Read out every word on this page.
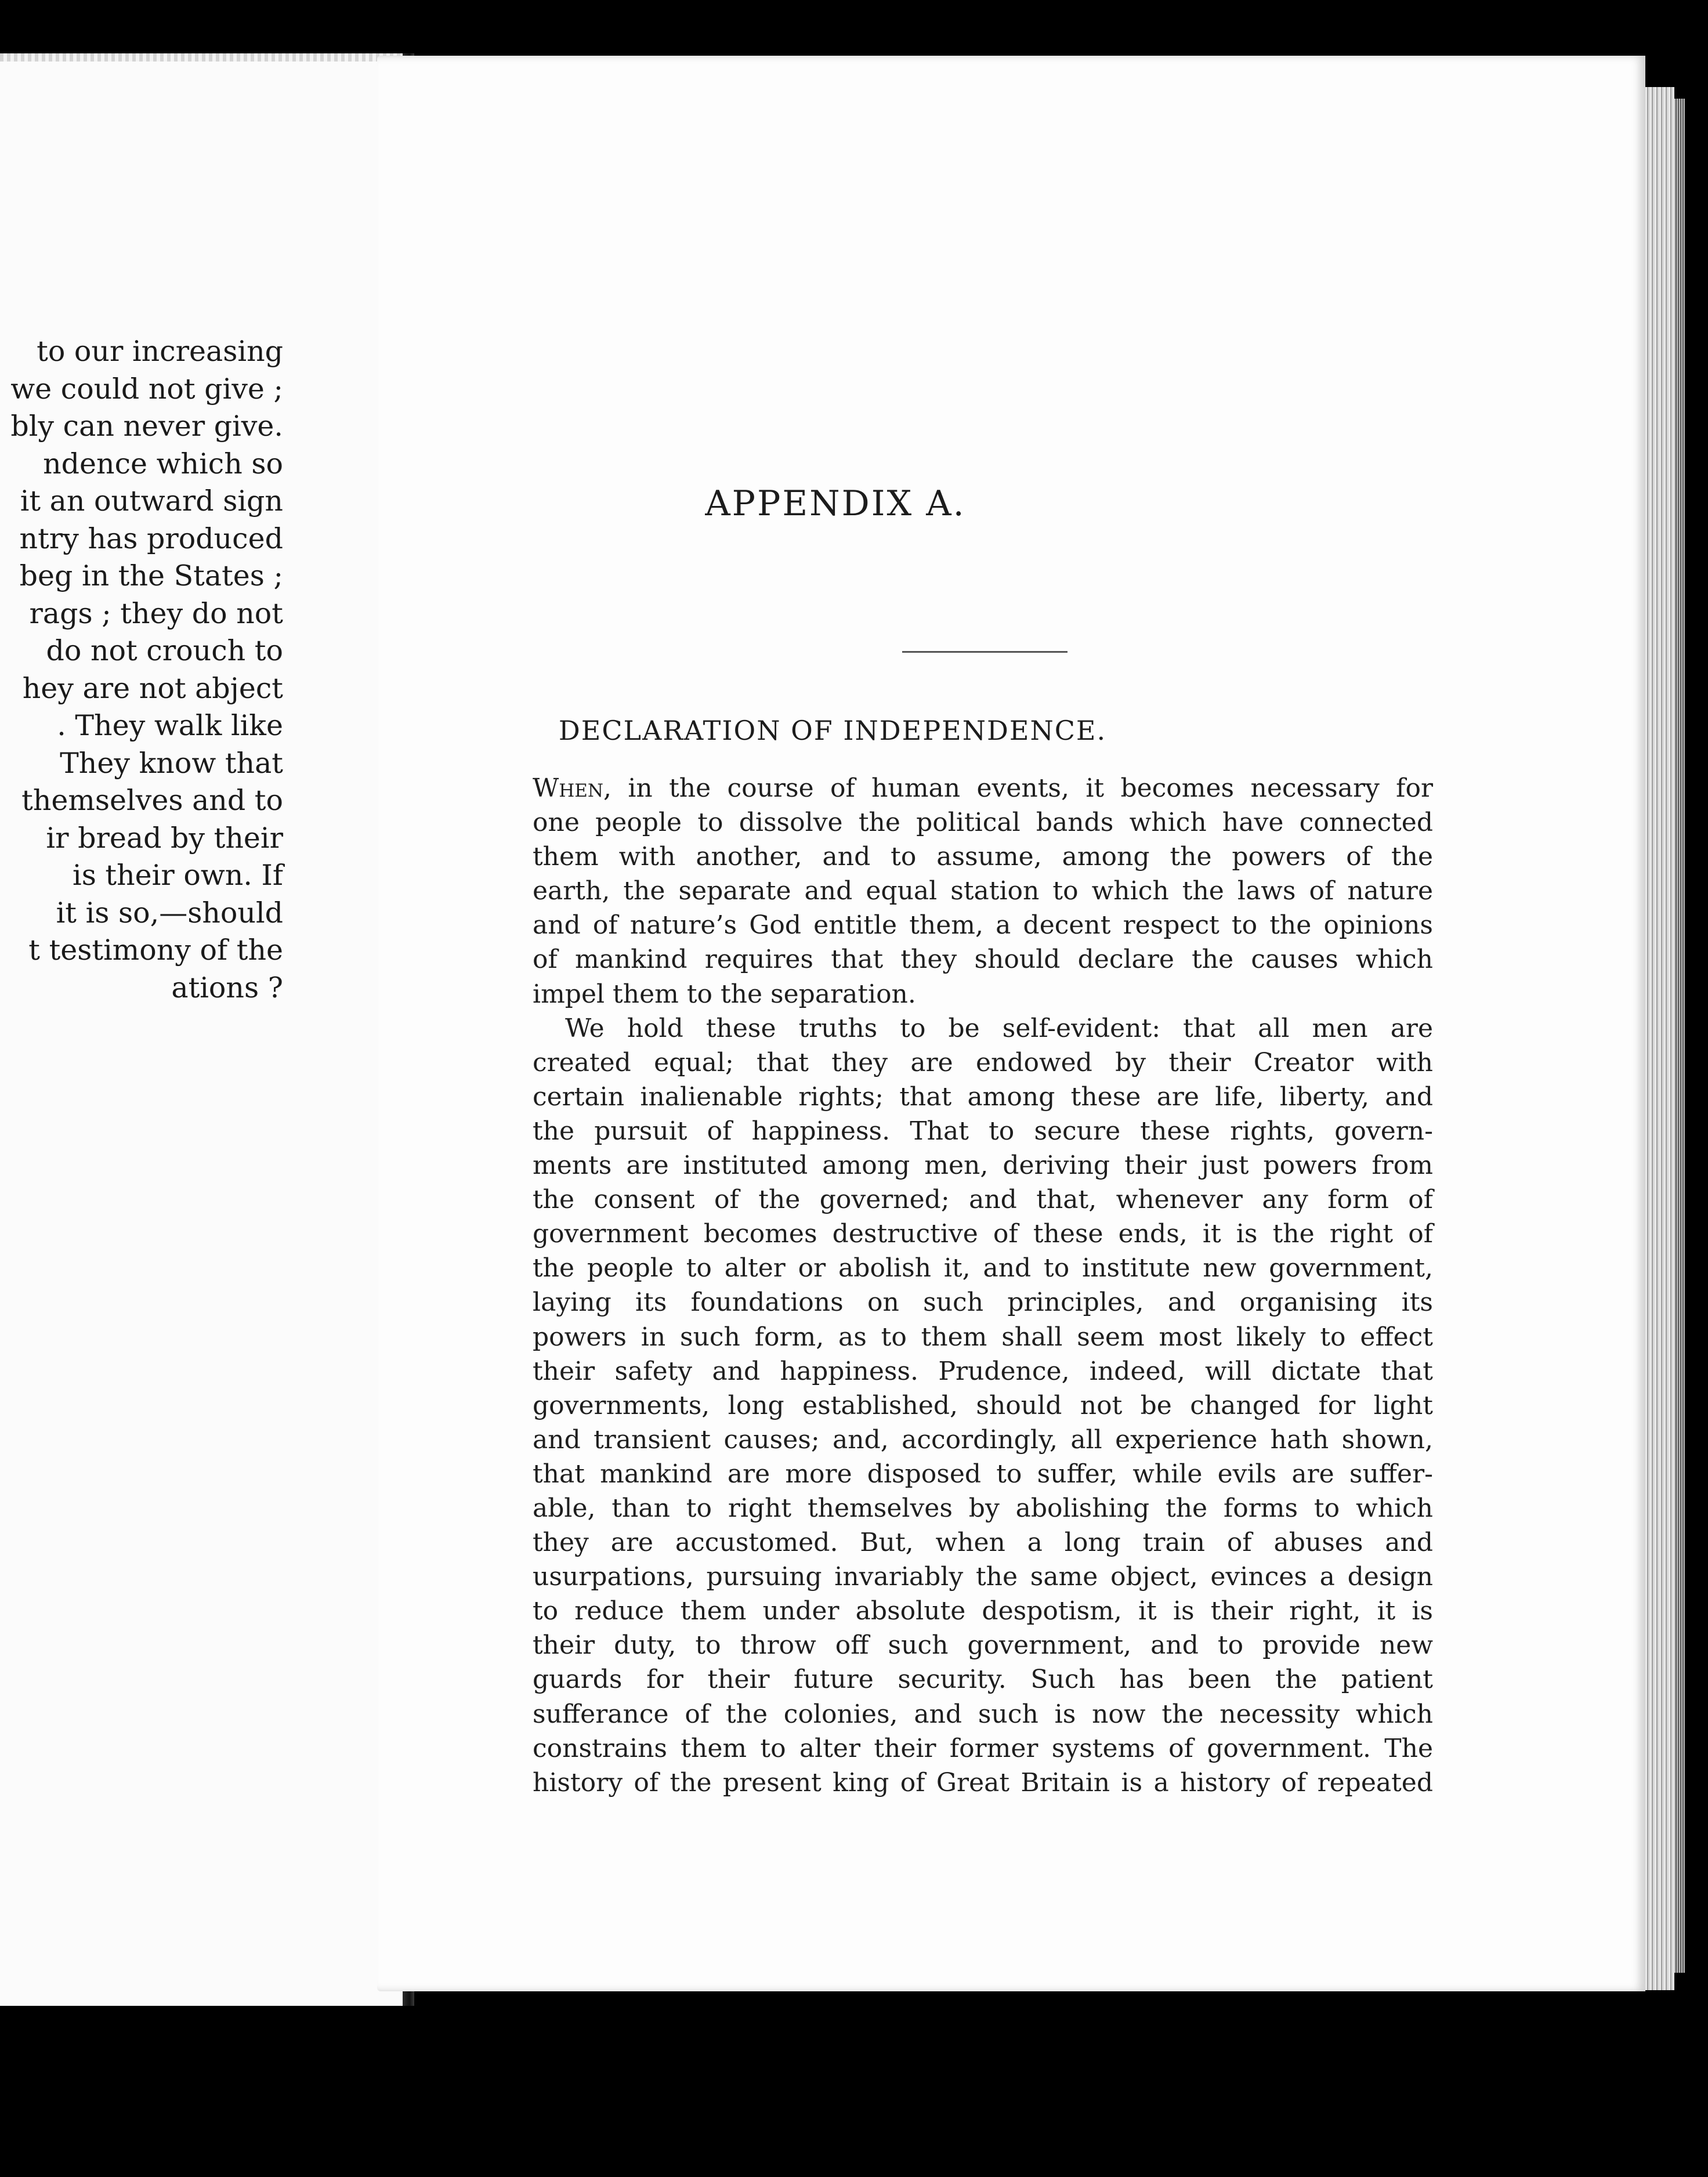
to our increasing
we could not give ;
bly can never give.
ndence which so
it an outward sign
ntry has produced
beg in the States ;
rags ; they do not
do not crouch to
hey are not abject
. They walk like
They know that
themselves and to
ir bread by their
is their own. If
it is so,—should
t testimony of the
ations ?
APPENDIX A.
DECLARATION OF INDEPENDENCE.
When, in the course of human events, it becomes necessary for
one people to dissolve the political bands which have connected
them with another, and to assume, among the powers of the
earth, the separate and equal station to which the laws of nature
and of nature’s God entitle them, a decent respect to the opinions
of mankind requires that they should declare the causes which
impel them to the separation.
We hold these truths to be self-evident: that all men are
created equal; that they are endowed by their Creator with
certain inalienable rights; that among these are life, liberty, and
the pursuit of happiness. That to secure these rights, govern-
ments are instituted among men, deriving their just powers from
the consent of the governed; and that, whenever any form of
government becomes destructive of these ends, it is the right of
the people to alter or abolish it, and to institute new government,
laying its foundations on such principles, and organising its
powers in such form, as to them shall seem most likely to effect
their safety and happiness. Prudence, indeed, will dictate that
governments, long established, should not be changed for light
and transient causes; and, accordingly, all experience hath shown,
that mankind are more disposed to suffer, while evils are suffer-
able, than to right themselves by abolishing the forms to which
they are accustomed. But, when a long train of abuses and
usurpations, pursuing invariably the same object, evinces a design
to reduce them under absolute despotism, it is their right, it is
their duty, to throw off such government, and to provide new
guards for their future security. Such has been the patient
sufferance of the colonies, and such is now the necessity which
constrains them to alter their former systems of government. The
history of the present king of Great Britain is a history of repeated
